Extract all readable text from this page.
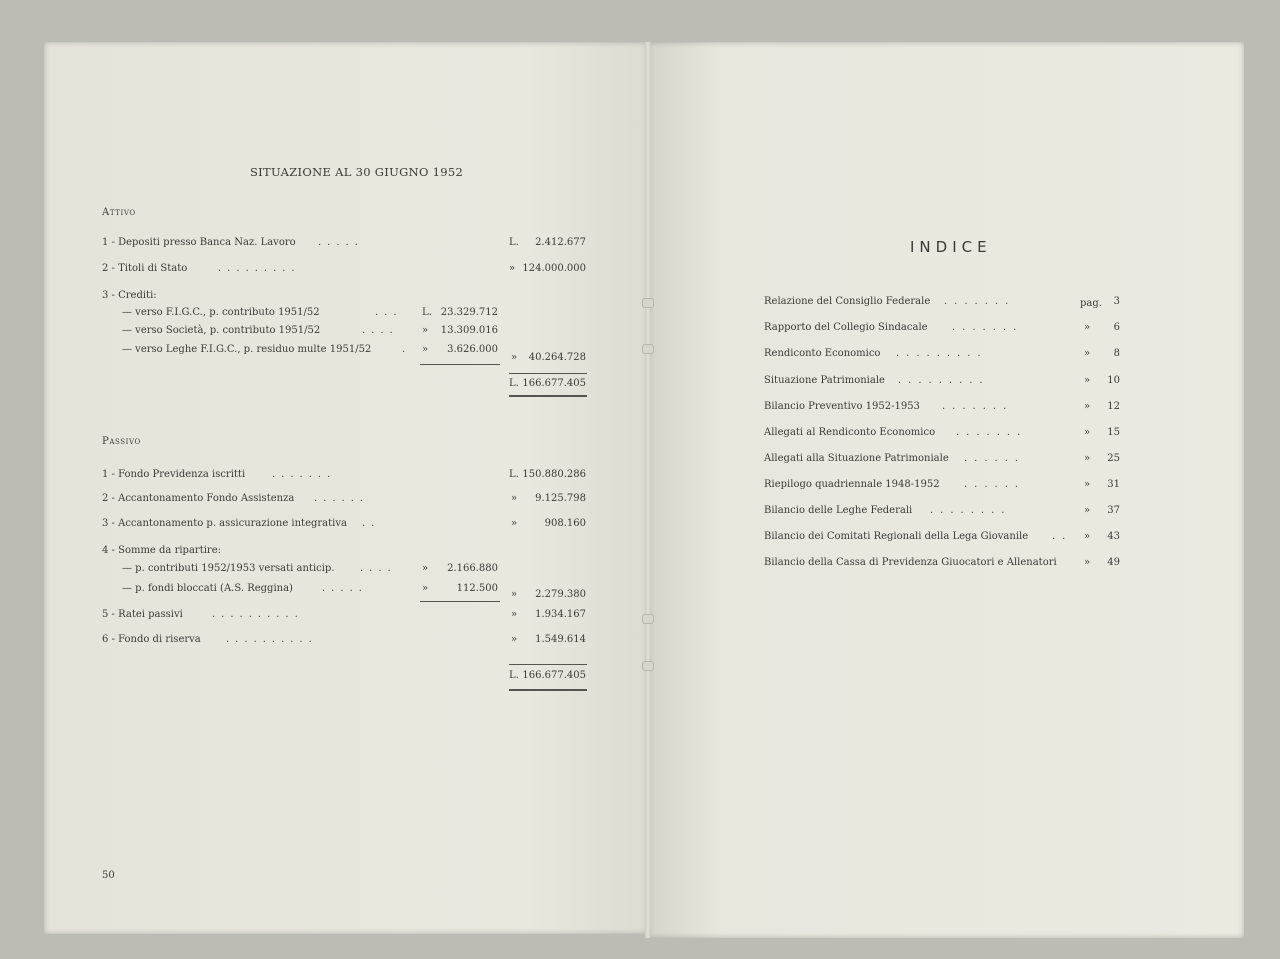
SITUAZIONE AL 30 GIUGNO 1952
Attivo
1 - Depositi presso Banca Naz. Lavoro .....	L.	2.412.677
2 - Titoli di Stato	.........	» 124.000.000
3 - Crediti:
— verso F.I.G.C., p. contributo 1951/52	... L. 23.329.712
— verso Società, p. contributo 1951/52	.... »	13.309.016
— verso Leghe F.I.G.C., p. residuo multe 1951/52	. »	3.626.000
»	40.264.728
L. 166.677.405
Passivo
1 - Fondo Previdenza iscritti	.......	L. 150.880.286
2 - Accantonamento Fondo Assistenza ......	»	9.125.798
3 - Accantonamento p. assicurazione integrativa ..	»	908.160
4 - Somme da ripartire:
— p. contributi 1952/1953 versati anticip.	....	»	2.166.880
— p. fondi bloccati (A.S. Reggina)	.....	»	112.500
»	2.279.380
5 - Ratei passivi	..........	»	1.934.167
6 - Fondo di riserva	..........	»	1.549.614
L. 166.677.405
50
INDICE
Relazione del Consiglio Federale .......	pag.	3
Rapporto del Collegio Sindacale .......	»	6
Rendiconto Economico .........	»	8
Situazione Patrimoniale .........	»	10
Bilancio Preventivo 1952-1953 .......	»	12
Allegati al Rendiconto Economico .......	»	15
Allegati alla Situazione Patrimoniale ......	»	25
Riepilogo quadriennale 1948-1952 ......	»	31
Bilancio delle Leghe Federali ........	»	37
Bilancio dei Comitati Regionali della Lega Giovanile .. »	43
Bilancio della Cassa di Previdenza Giuocatori e Allenatori	»	49
